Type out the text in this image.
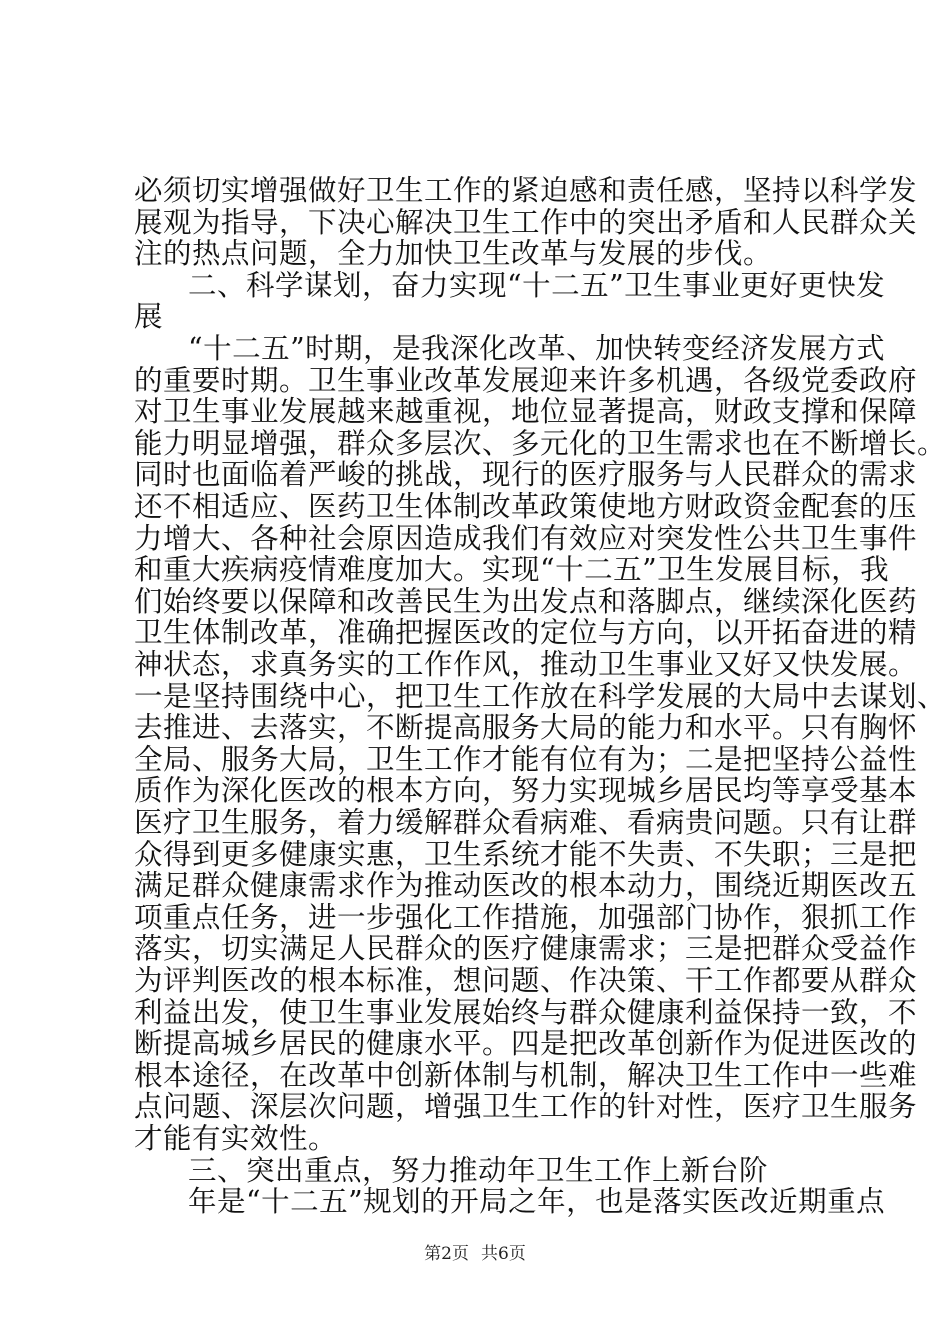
必须切实增强做好卫生工作的紧迫感和责任感，坚持以科学发
展观为指导，下决心解决卫生工作中的突出矛盾和人民群众关
注的热点问题，全力加快卫生改革与发展的步伐。
二、科学谋划，奋力实现“十二五”卫生事业更好更快发
展
“十二五”时期，是我深化改革、加快转变经济发展方式
的重要时期。卫生事业改革发展迎来许多机遇，各级党委政府
对卫生事业发展越来越重视，地位显著提高，财政支撑和保障
能力明显增强，群众多层次、多元化的卫生需求也在不断增长。
同时也面临着严峻的挑战，现行的医疗服务与人民群众的需求
还不相适应、医药卫生体制改革政策使地方财政资金配套的压
力增大、各种社会原因造成我们有效应对突发性公共卫生事件
和重大疾病疫情难度加大。实现“十二五”卫生发展目标，我
们始终要以保障和改善民生为出发点和落脚点，继续深化医药
卫生体制改革，准确把握医改的定位与方向，以开拓奋进的精
神状态，求真务实的工作作风，推动卫生事业又好又快发展。
一是坚持围绕中心，把卫生工作放在科学发展的大局中去谋划、
去推进、去落实，不断提高服务大局的能力和水平。只有胸怀
全局、服务大局，卫生工作才能有位有为；二是把坚持公益性
质作为深化医改的根本方向，努力实现城乡居民均等享受基本
医疗卫生服务，着力缓解群众看病难、看病贵问题。只有让群
众得到更多健康实惠，卫生系统才能不失责、不失职；三是把
满足群众健康需求作为推动医改的根本动力，围绕近期医改五
项重点任务，进一步强化工作措施，加强部门协作，狠抓工作
落实，切实满足人民群众的医疗健康需求；三是把群众受益作
为评判医改的根本标准，想问题、作决策、干工作都要从群众
利益出发，使卫生事业发展始终与群众健康利益保持一致，不
断提高城乡居民的健康水平。四是把改革创新作为促进医改的
根本途径，在改革中创新体制与机制，解决卫生工作中一些难
点问题、深层次问题，增强卫生工作的针对性，医疗卫生服务
才能有实效性。
三、突出重点，努力推动年卫生工作上新台阶
年是“十二五”规划的开局之年，也是落实医改近期重点
第2页 共6页
